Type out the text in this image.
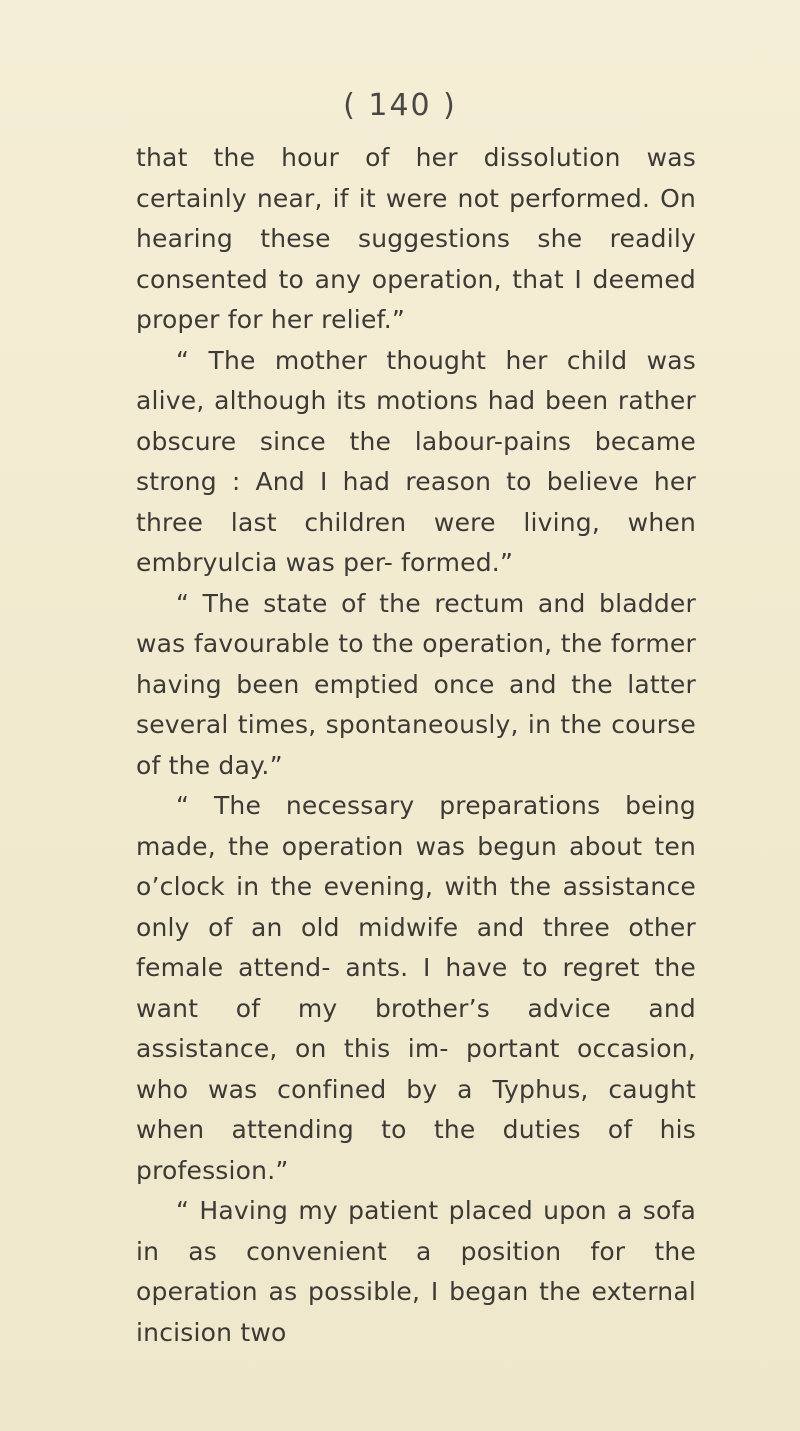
( 140 )

that the hour of her dissolution was certainly near, if it were not performed. On hearing these suggestions she readily consented to any operation, that I deemed proper for her relief.”

“ The mother thought her child was alive, although its motions had been rather obscure since the labour-pains became strong : And I had reason to believe her three last children were living, when embryulcia was per- formed.”

“ The state of the rectum and bladder was favourable to the operation, the former having been emptied once and the latter several times, spontaneously, in the course of the day.”

“ The necessary preparations being made, the operation was begun about ten o’clock in the evening, with the assistance only of an old midwife and three other female attend- ants. I have to regret the want of my brother’s advice and assistance, on this im- portant occasion, who was confined by a Typhus, caught when attending to the duties of his profession.”

“ Having my patient placed upon a sofa in as convenient a position for the operation as possible, I began the external incision two
